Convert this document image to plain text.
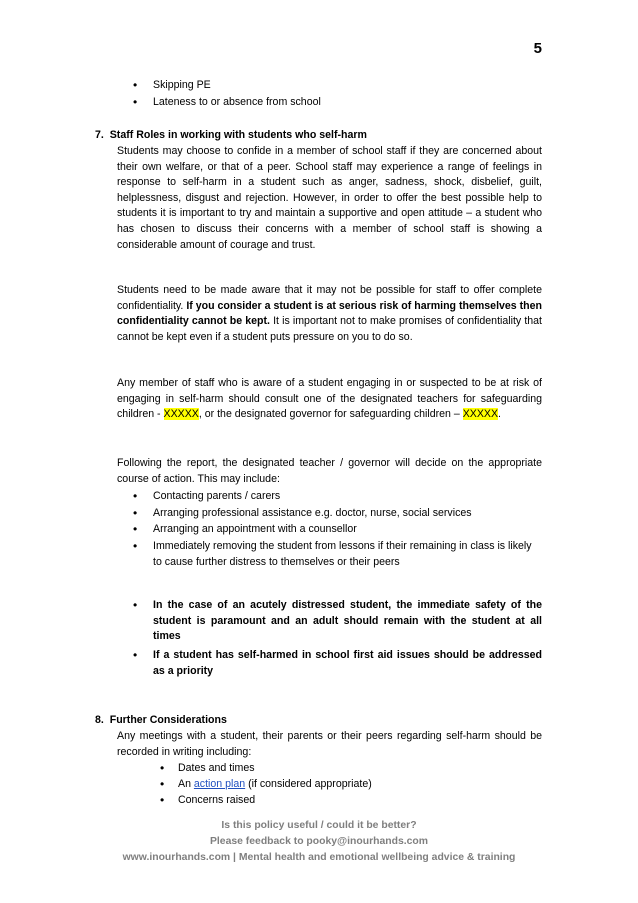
5
• Skipping PE
• Lateness to or absence from school
7.  Staff Roles in working with students who self-harm
Students may choose to confide in a member of school staff if they are concerned about their own welfare, or that of a peer. School staff may experience a range of feelings in response to self-harm in a student such as anger, sadness, shock, disbelief, guilt, helplessness, disgust and rejection. However, in order to offer the best possible help to students it is important to try and maintain a supportive and open attitude – a student who has chosen to discuss their concerns with a member of school staff is showing a considerable amount of courage and trust.
Students need to be made aware that it may not be possible for staff to offer complete confidentiality. If you consider a student is at serious risk of harming themselves then confidentiality cannot be kept. It is important not to make promises of confidentiality that cannot be kept even if a student puts pressure on you to do so.
Any member of staff who is aware of a student engaging in or suspected to be at risk of engaging in self-harm should consult one of the designated teachers for safeguarding children - XXXXX, or the designated governor for safeguarding children – XXXXX.
Following the report, the designated teacher / governor will decide on the appropriate course of action. This may include:
• Contacting parents / carers
• Arranging professional assistance e.g. doctor, nurse, social services
• Arranging an appointment with a counsellor
• Immediately removing the student from lessons if their remaining in class is likely to cause further distress to themselves or their peers
• In the case of an acutely distressed student, the immediate safety of the student is paramount and an adult should remain with the student at all times
• If a student has self-harmed in school first aid issues should be addressed as a priority
8.  Further Considerations
Any meetings with a student, their parents or their peers regarding self-harm should be recorded in writing including:
• Dates and times
• An action plan (if considered appropriate)
• Concerns raised
Is this policy useful / could it be better?
Please feedback to pooky@inourhands.com
www.inourhands.com | Mental health and emotional wellbeing advice & training
